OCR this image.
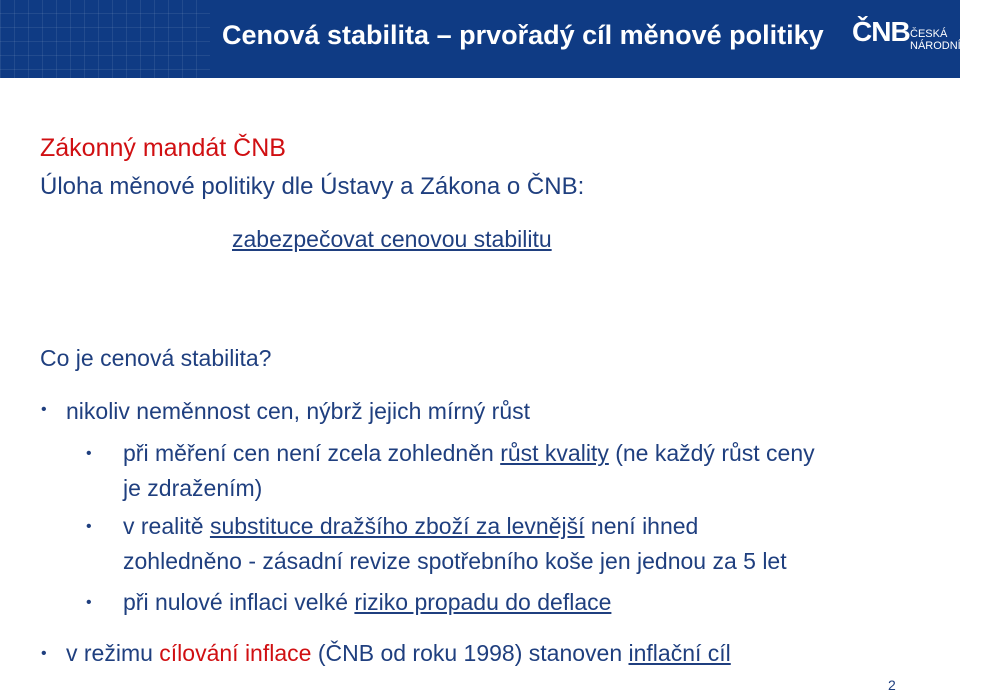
Cenová stabilita – prvořadý cíl měnové politiky ČNB ČESKÁ
NÁRODNÍ BANKA
Zákonný mandát ČNB
Úloha měnové politiky dle Ústavy a Zákona o ČNB:
zabezpečovat cenovou stabilitu
Co je cenová stabilita?
• nikoliv neměnnost cen, nýbrž jejich mírný růst
• při měření cen není zcela zohledněn růst kvality (ne každý růst ceny
je zdražením)
• v realitě substituce dražšího zboží za levnější není ihned
zohledněno - zásadní revize spotřebního koše jen jednou za 5 let
• při nulové inflaci velké riziko propadu do deflace
• v režimu cílování inflace (ČNB od roku 1998) stanoven inflační cíl
2
